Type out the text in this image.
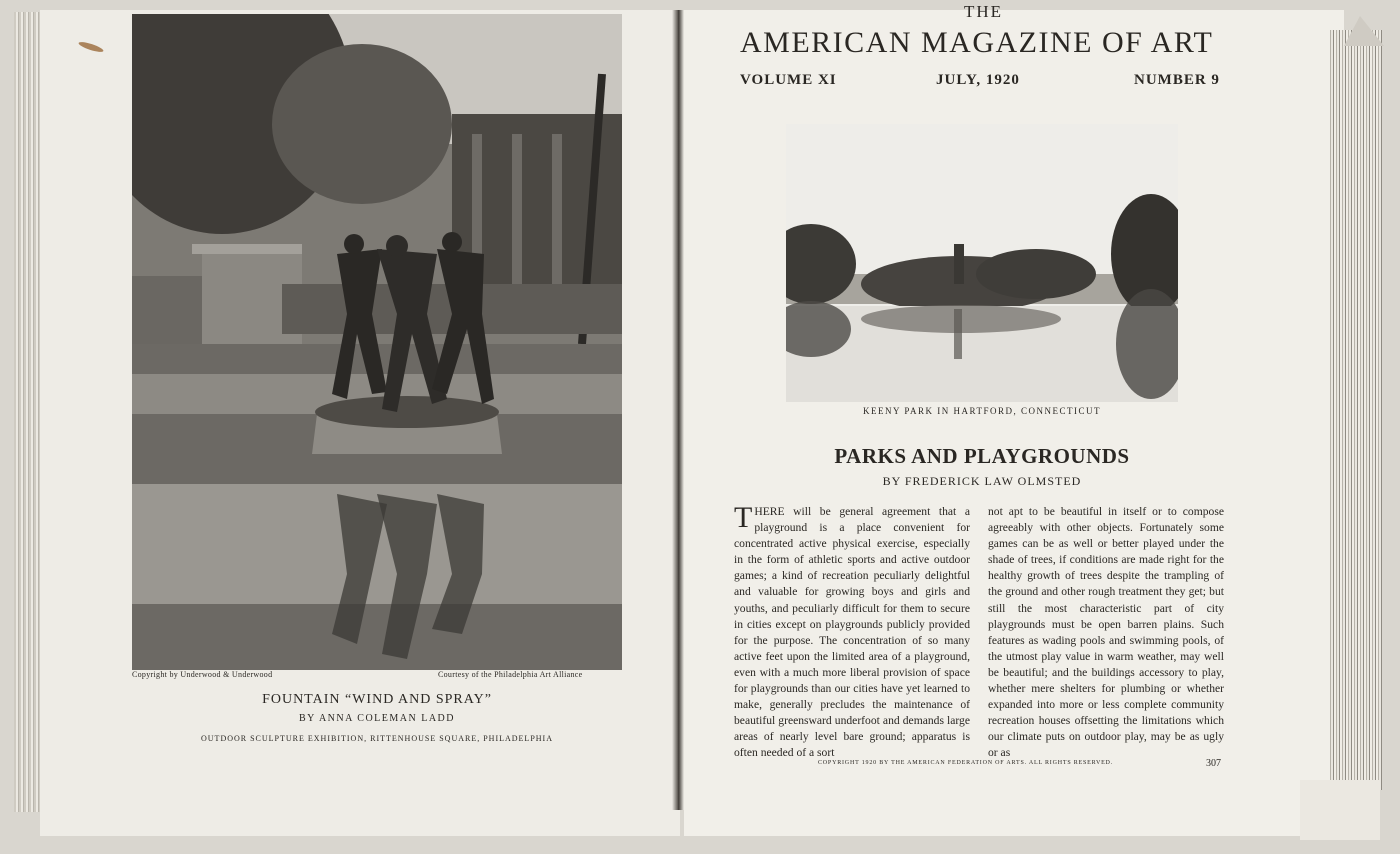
Copyright by Underwood & Underwood	Courtesy of the Philadelphia Art Alliance
FOUNTAIN “WIND AND SPRAY”
BY ANNA COLEMAN LADD
OUTDOOR SCULPTURE EXHIBITION, RITTENHOUSE SQUARE, PHILADELPHIA
THE
AMERICAN MAGAZINE OF ART
VOLUME XI	JULY, 1920	NUMBER 9
KEENY PARK IN HARTFORD, CONNECTICUT
PARKS AND PLAYGROUNDS
BY FREDERICK LAW OLMSTED
THERE will be general agreement that a playground is a place convenient for concentrated active physical exercise, especially in the form of athletic sports and active outdoor games; a kind of recreation peculiarly delightful and valuable for growing boys and girls and youths, and peculiarly difficult for them to secure in cities except on playgrounds publicly provided for the purpose. The concentration of so many active feet upon the limited area of a playground, even with a much more liberal provision of space for playgrounds than our cities have yet learned to make, generally precludes the maintenance of beautiful greensward underfoot and demands large areas of nearly level bare ground; apparatus is often needed of a sort
not apt to be beautiful in itself or to compose agreeably with other objects. Fortunately some games can be as well or better played under the shade of trees, if conditions are made right for the healthy growth of trees despite the trampling of the ground and other rough treatment they get; but still the most characteristic part of city playgrounds must be open barren plains. Such features as wading pools and swimming pools, of the utmost play value in warm weather, may well be beautiful; and the buildings accessory to play, whether mere shelters for plumbing or whether expanded into more or less complete community recreation houses offsetting the limitations which our climate puts on outdoor play, may be as ugly or as
COPYRIGHT 1920 BY THE AMERICAN FEDERATION OF ARTS. ALL RIGHTS RESERVED.	307
